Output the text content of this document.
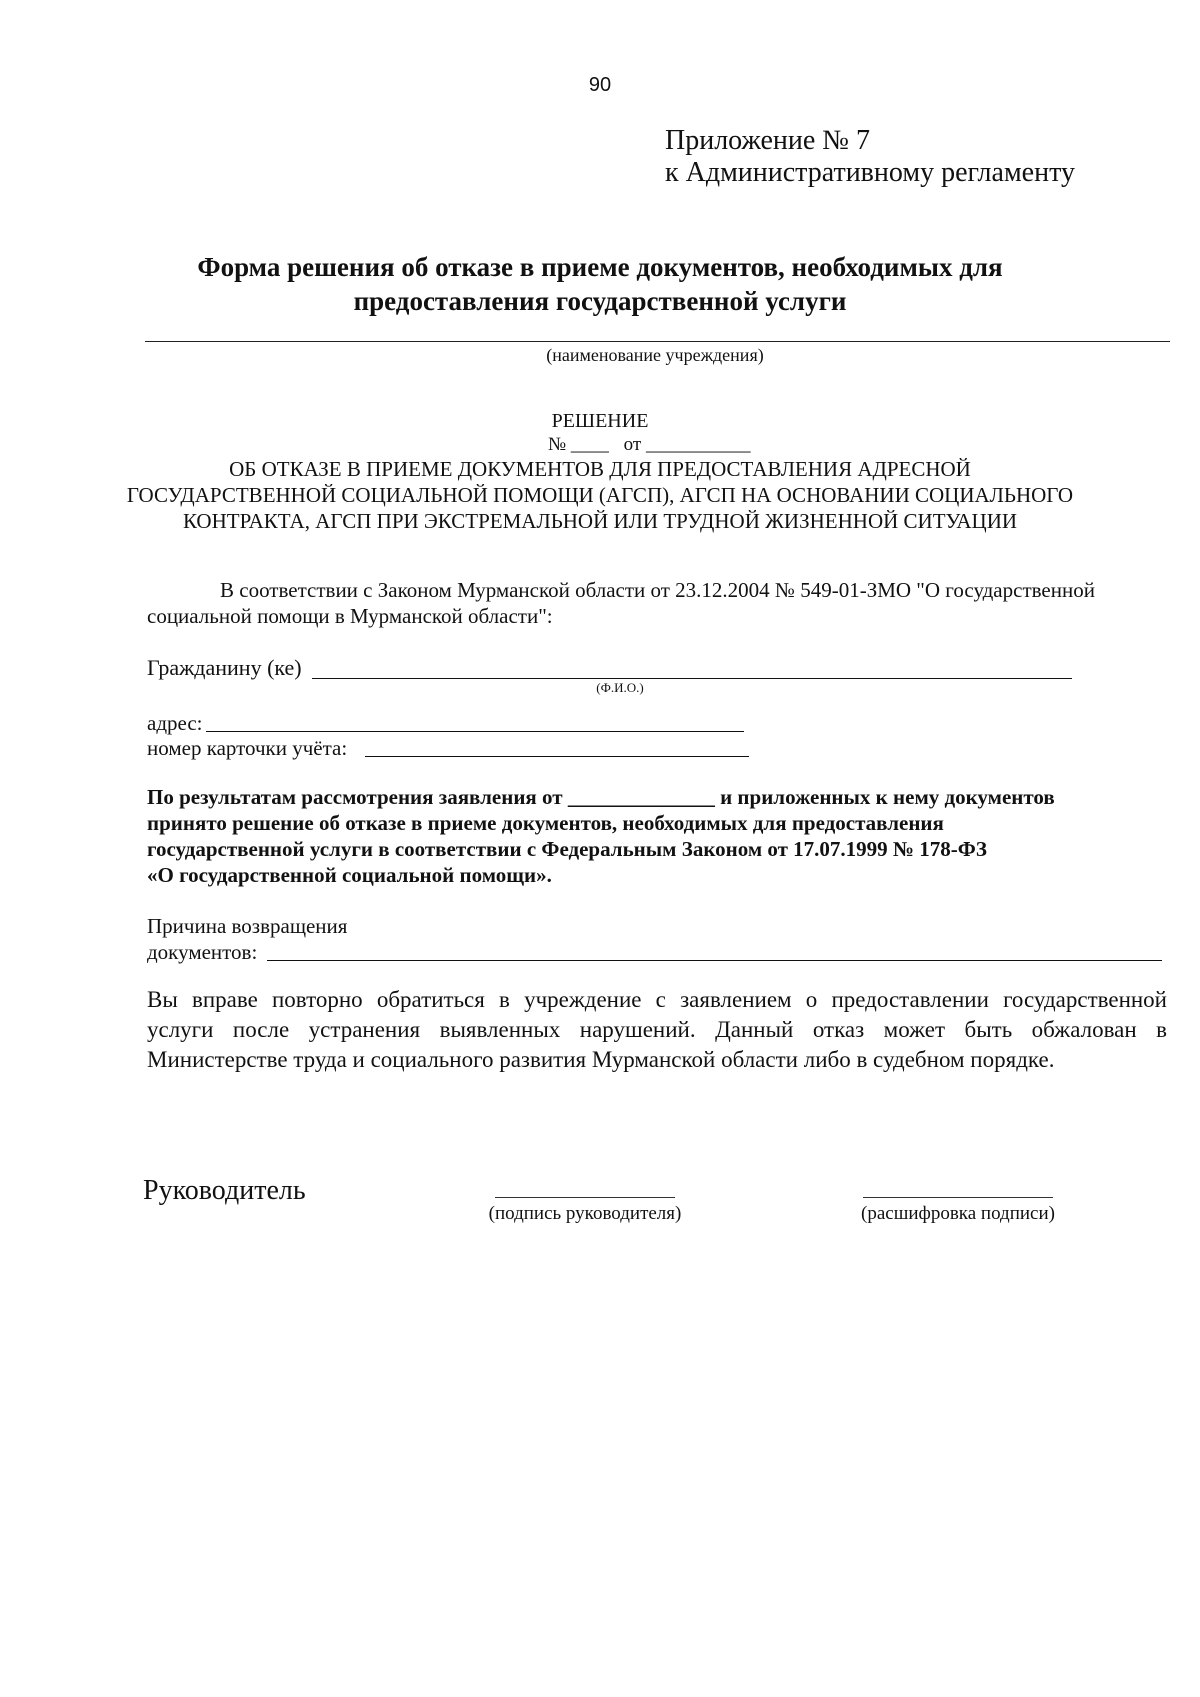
90
Приложение № 7
к Административному регламенту
Форма решения об отказе в приеме документов, необходимых для
предоставления государственной услуги
(наименование учреждения)
РЕШЕНИЕ
№ ____ от ___________
ОБ ОТКАЗЕ В ПРИЕМЕ ДОКУМЕНТОВ ДЛЯ ПРЕДОСТАВЛЕНИЯ АДРЕСНОЙ
ГОСУДАРСТВЕННОЙ СОЦИАЛЬНОЙ ПОМОЩИ (АГСП), АГСП НА ОСНОВАНИИ СОЦИАЛЬНОГО
КОНТРАКТА, АГСП ПРИ ЭКСТРЕМАЛЬНОЙ ИЛИ ТРУДНОЙ ЖИЗНЕННОЙ СИТУАЦИИ
В соответствии с Законом Мурманской области от 23.12.2004 № 549-01-ЗМО "О государственной
социальной помощи в Мурманской области":
Гражданину (ке)
(Ф.И.О.)
адрес:
номер карточки учёта:
По результатам рассмотрения заявления от ______________ и приложенных к нему документов
принято решение об отказе в приеме документов, необходимых для предоставления
государственной услуги в соответствии с Федеральным Законом от 17.07.1999 № 178-ФЗ
«О государственной социальной помощи».
Причина возвращения
документов:
Вы вправе повторно обратиться в учреждение с заявлением о предоставлении государственной
услуги после устранения выявленных нарушений. Данный отказ может быть обжалован в
Министерстве труда и социального развития Мурманской области либо в судебном порядке.
Руководитель
(подпись руководителя)	(расшифровка подписи)
